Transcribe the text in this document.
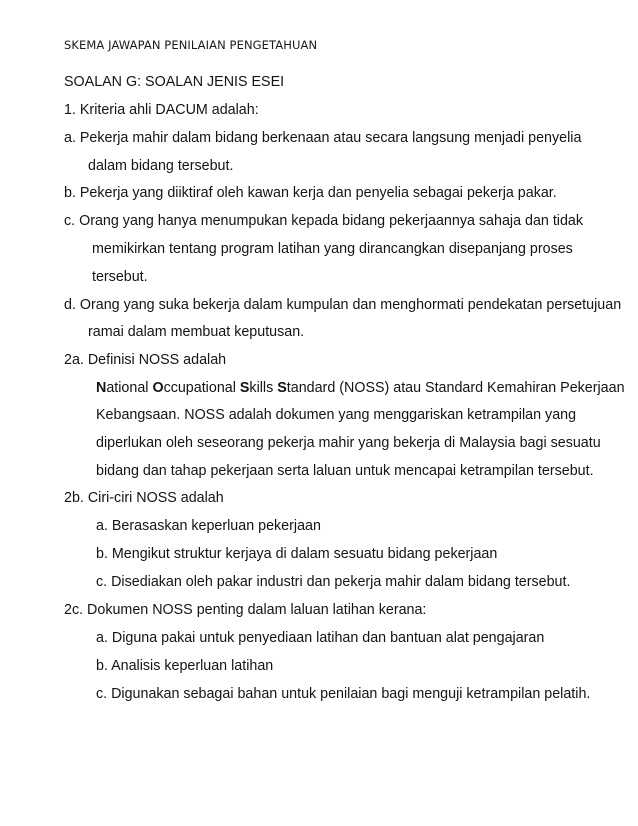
SKEMA JAWAPAN PENILAIAN PENGETAHUAN
SOALAN G: SOALAN JENIS ESEI
1. Kriteria ahli DACUM adalah:
a. Pekerja mahir dalam bidang berkenaan atau secara langsung menjadi penyelia
dalam bidang tersebut.
b. Pekerja yang diiktiraf oleh kawan kerja dan penyelia sebagai pekerja pakar.
c. Orang yang hanya menumpukan kepada bidang pekerjaannya sahaja dan tidak
memikirkan tentang program latihan yang dirancangkan disepanjang proses
tersebut.
d. Orang yang suka bekerja dalam kumpulan dan menghormati pendekatan persetujuan
ramai dalam membuat keputusan.
2a. Definisi NOSS adalah
National Occupational Skills Standard (NOSS) atau Standard Kemahiran Pekerjaan
Kebangsaan. NOSS adalah dokumen yang menggariskan ketrampilan yang
diperlukan oleh seseorang pekerja mahir yang bekerja di Malaysia bagi sesuatu
bidang dan tahap pekerjaan serta laluan untuk mencapai ketrampilan tersebut.
2b. Ciri-ciri NOSS adalah
a. Berasaskan keperluan pekerjaan
b. Mengikut struktur kerjaya di dalam sesuatu bidang pekerjaan
c. Disediakan oleh pakar industri dan pekerja mahir dalam bidang tersebut.
2c. Dokumen NOSS penting dalam laluan latihan kerana:
a. Diguna pakai untuk penyediaan latihan dan bantuan alat pengajaran
b. Analisis keperluan latihan
c. Digunakan sebagai bahan untuk penilaian bagi menguji ketrampilan pelatih.
